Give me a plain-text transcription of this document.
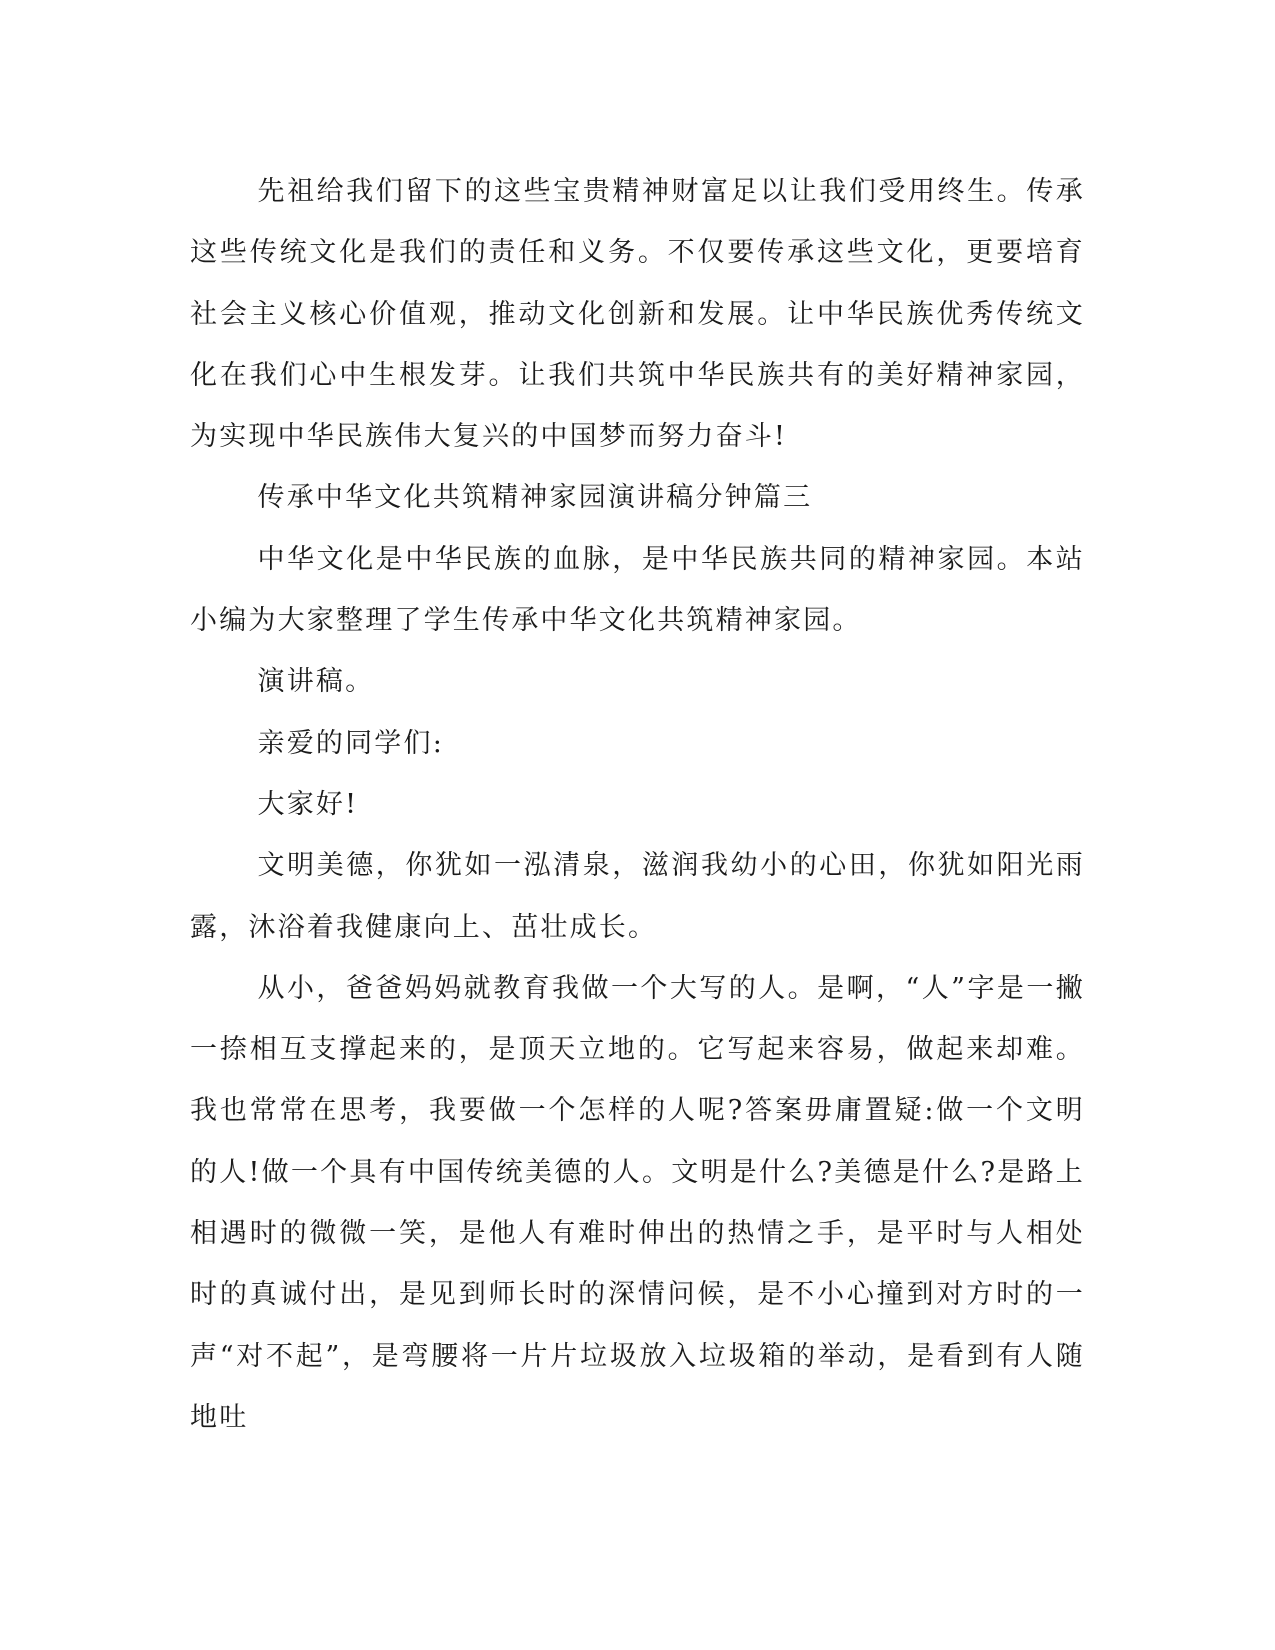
先祖给我们留下的这些宝贵精神财富足以让我们受用终生。传承这些传统文化是我们的责任和义务。不仅要传承这些文化，更要培育社会主义核心价值观，推动文化创新和发展。让中华民族优秀传统文化在我们心中生根发芽。让我们共筑中华民族共有的美好精神家园，为实现中华民族伟大复兴的中国梦而努力奋斗!

传承中华文化共筑精神家园演讲稿分钟篇三

中华文化是中华民族的血脉，是中华民族共同的精神家园。本站小编为大家整理了学生传承中华文化共筑精神家园。

演讲稿。

亲爱的同学们:

大家好!

文明美德，你犹如一泓清泉，滋润我幼小的心田，你犹如阳光雨露，沐浴着我健康向上、茁壮成长。

从小，爸爸妈妈就教育我做一个大写的人。是啊，“人”字是一撇一捺相互支撑起来的，是顶天立地的。它写起来容易，做起来却难。我也常常在思考，我要做一个怎样的人呢?答案毋庸置疑:做一个文明的人!做一个具有中国传统美德的人。文明是什么?美德是什么?是路上相遇时的微微一笑，是他人有难时伸出的热情之手，是平时与人相处时的真诚付出，是见到师长时的深情问候，是不小心撞到对方时的一声“对不起”，是弯腰将一片片垃圾放入垃圾箱的举动，是看到有人随地吐
